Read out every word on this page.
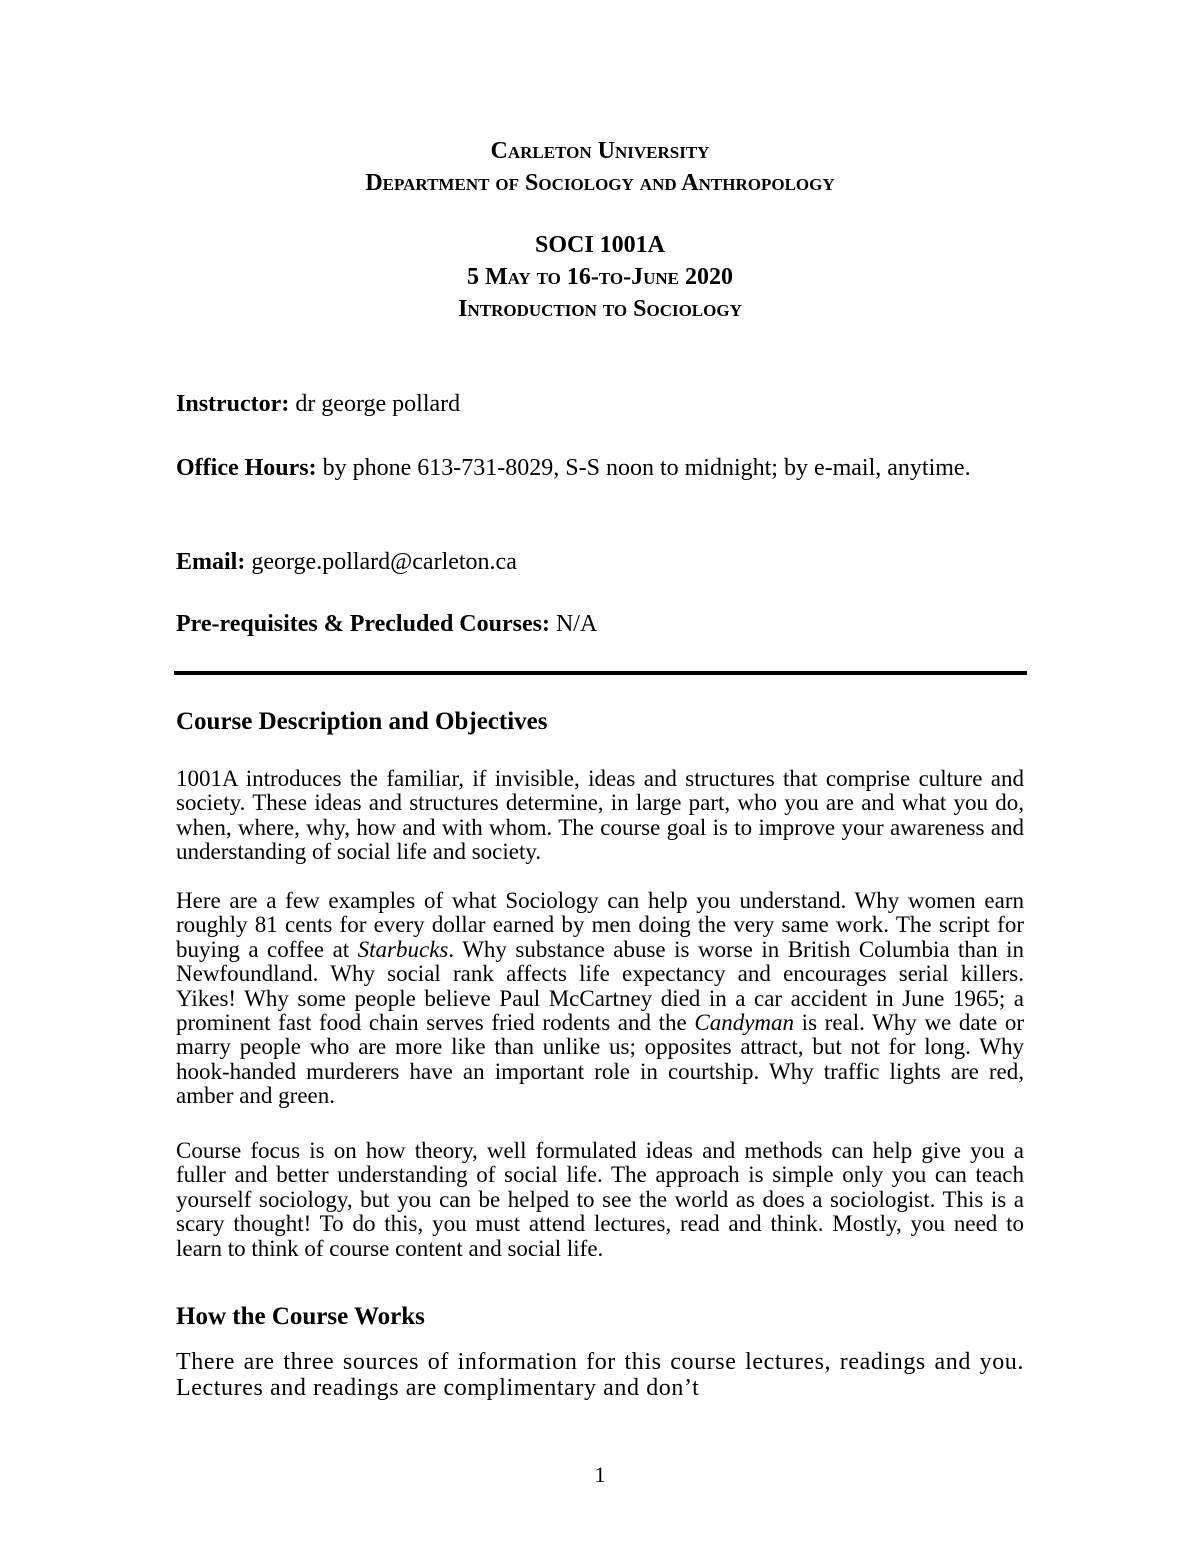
Carleton University

Department of Sociology and Anthropology

SOCI 1001A

5 May to 16-to-June 2020

Introduction to Sociology

Instructor: dr george pollard

Office Hours: by phone 613-731-8029, S-S noon to midnight; by e-mail, anytime.

Email: george.pollard@carleton.ca

Pre-requisites & Precluded Courses: N/A

Course Description and Objectives

1001A introduces the familiar, if invisible, ideas and structures that comprise culture and society. These ideas and structures determine, in large part, who you are and what you do, when, where, why, how and with whom. The course goal is to improve your awareness and understanding of social life and society.

Here are a few examples of what Sociology can help you understand. Why women earn roughly 81 cents for every dollar earned by men doing the very same work. The script for buying a coffee at Starbucks. Why substance abuse is worse in British Columbia than in Newfoundland. Why social rank affects life expectancy and encourages serial killers. Yikes! Why some people believe Paul McCartney died in a car accident in June 1965; a prominent fast food chain serves fried rodents and the Candyman is real. Why we date or marry people who are more like than unlike us; opposites attract, but not for long. Why hook-handed murderers have an important role in courtship. Why traffic lights are red, amber and green.

Course focus is on how theory, well formulated ideas and methods can help give you a fuller and better understanding of social life. The approach is simple only you can teach yourself sociology, but you can be helped to see the world as does a sociologist. This is a scary thought! To do this, you must attend lectures, read and think. Mostly, you need to learn to think of course content and social life.

How the Course Works

There are three sources of information for this course lectures, readings and you. Lectures and readings are complimentary and don’t

1
